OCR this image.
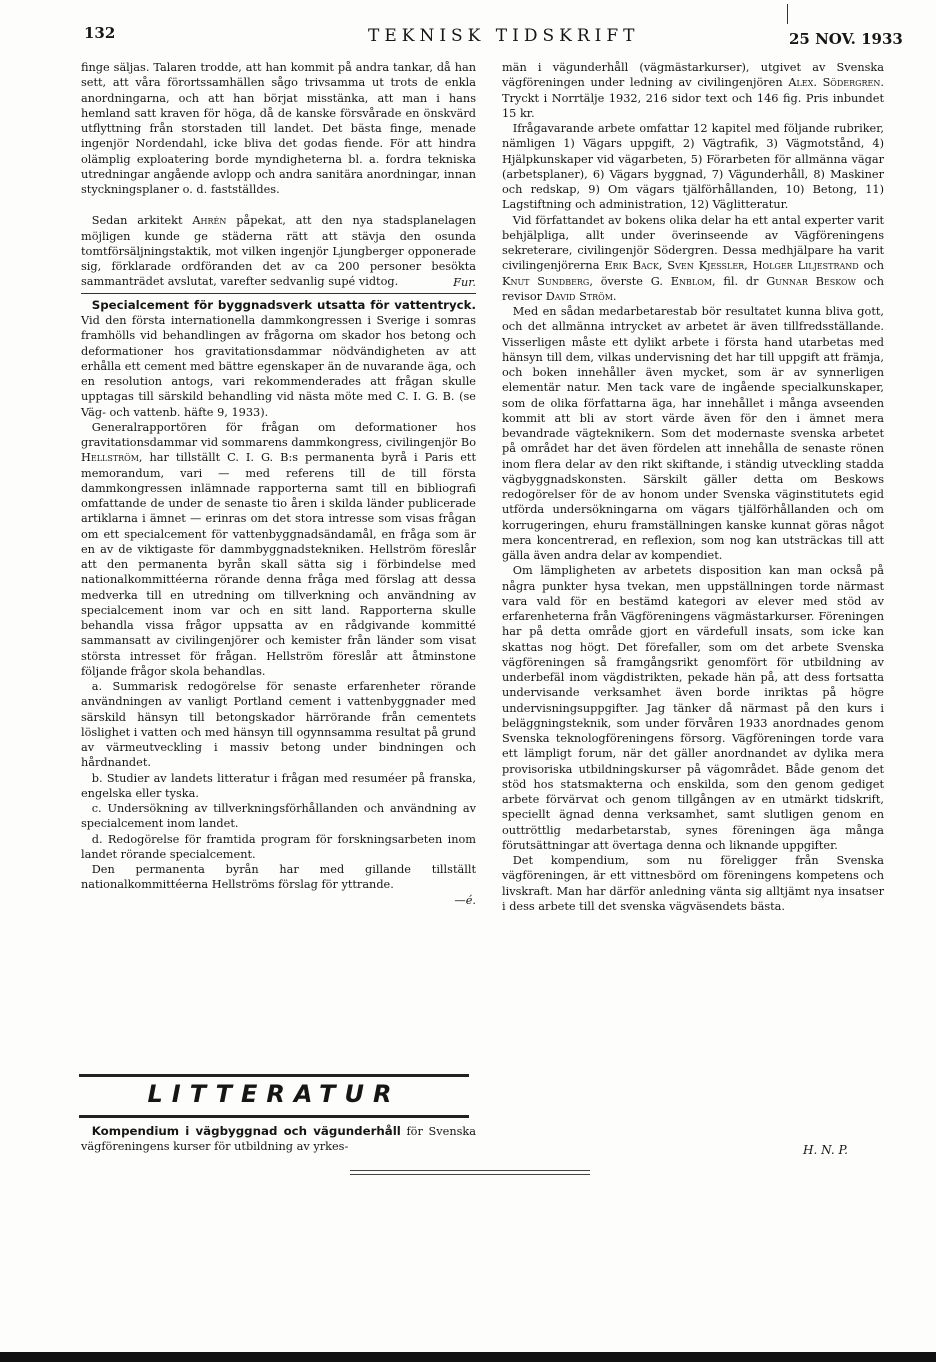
132	TEKNISK TIDSKRIFT	25 NOV. 1933

finge säljas. Talaren trodde, att han kommit på andra tankar, då han sett, att våra förortssamhällen sågo trivsamma ut trots de enkla anordningarna, och att han börjat misstänka, att man i hans hemland satt kraven för höga, då de kanske försvårade en önskvärd utflyttning från storstaden till landet. Det bästa finge, menade ingenjör Nordendahl, icke bliva det godas fiende. För att hindra olämplig exploatering borde myndigheterna bl. a. fordra tekniska utredningar angående avlopp och andra sanitära anordningar, innan styckningsplaner o. d. fastställdes.

Sedan arkitekt Ahrén påpekat, att den nya stadsplanelagen möjligen kunde ge städerna rätt att stävja den osunda tomtförsäljningstaktik, mot vilken ingenjör Ljungberger opponerade sig, förklarade ordföranden det av ca 200 personer besökta sammanträdet avslutat, varefter sedvanlig supé vidtog.	Fur.

Specialcement för byggnadsverk utsatta för vattentryck. Vid den första internationella dammkongressen i Sverige i somras framhölls vid behandlingen av frågorna om skador hos betong och deformationer hos gravitationsdammar nödvändigheten av att erhålla ett cement med bättre egenskaper än de nuvarande äga, och en resolution antogs, vari rekommenderades att frågan skulle upptagas till särskild behandling vid nästa möte med C. I. G. B. (se Väg- och vattenb. häfte 9, 1933).

Generalrapportören för frågan om deformationer hos gravitationsdammar vid sommarens dammkongress, civilingenjör Bo Hellström, har tillställt C. I. G. B:s permanenta byrå i Paris ett memorandum, vari — med referens till de till första dammkongressen inlämnade rapporterna samt till en bibliografi omfattande de under de senaste tio åren i skilda länder publicerade artiklarna i ämnet — erinras om det stora intresse som visas frågan om ett specialcement för vattenbyggnadsändamål, en fråga som är en av de viktigaste för dammbyggnadstekniken. Hellström föreslår att den permanenta byrån skall sätta sig i förbindelse med nationalkommittéerna rörande denna fråga med förslag att dessa medverka till en utredning om tillverkning och användning av specialcement inom var och en sitt land. Rapporterna skulle behandla vissa frågor uppsatta av en rådgivande kommitté sammansatt av civilingenjörer och kemister från länder som visat största intresset för frågan. Hellström föreslår att åtminstone följande frågor skola behandlas.

a. Summarisk redogörelse för senaste erfarenheter rörande användningen av vanligt Portland cement i vattenbyggnader med särskild hänsyn till betongskador härrörande från cementets löslighet i vatten och med hänsyn till ogynnsamma resultat på grund av värmeutveckling i massiv betong under bindningen och hårdnandet.

b. Studier av landets litteratur i frågan med resuméer på franska, engelska eller tyska.

c. Undersökning av tillverkningsförhållanden och användning av specialcement inom landet.

d. Redogörelse för framtida program för forskningsarbeten inom landet rörande specialcement.

Den permanenta byrån har med gillande tillställt nationalkommittéerna Hellströms förslag för yttrande.

—é.
LITTERATUR
Kompendium i vägbyggnad och vägunderhåll för Svenska vägföreningens kurser för utbildning av yrkes-

män i vägunderhåll (vägmästarkurser), utgivet av Svenska vägföreningen under ledning av civilingenjören Alex. Södergren. Tryckt i Norrtälje 1932, 216 sidor text och 146 fig. Pris inbundet 15 kr.

Ifrågavarande arbete omfattar 12 kapitel med följande rubriker, nämligen 1) Vägars uppgift, 2) Vägtrafik, 3) Vägmotstånd, 4) Hjälpkunskaper vid vägarbeten, 5) Förarbeten för allmänna vägar (arbetsplaner), 6) Vägars byggnad, 7) Vägunderhåll, 8) Maskiner och redskap, 9) Om vägars tjälförhållanden, 10) Betong, 11) Lagstiftning och administration, 12) Väglitteratur.

Vid författandet av bokens olika delar ha ett antal experter varit behjälpliga, allt under överinseende av Vägföreningens sekreterare, civilingenjör Södergren. Dessa medhjälpare ha varit civilingenjörerna Erik Back, Sven Kjessler, Holger Liljestrand och Knut Sundberg, överste G. Enblom, fil. dr Gunnar Beskow och revisor David Ström.

Med en sådan medarbetarestab bör resultatet kunna bliva gott, och det allmänna intrycket av arbetet är även tillfredsställande. Visserligen måste ett dylikt arbete i första hand utarbetas med hänsyn till dem, vilkas undervisning det har till uppgift att främja, och boken innehåller även mycket, som är av synnerligen elementär natur. Men tack vare de ingående specialkunskaper, som de olika författarna äga, har innehållet i många avseenden kommit att bli av stort värde även för den i ämnet mera bevandrade vägteknikern. Som det modernaste svenska arbetet på området har det även fördelen att innehålla de senaste rönen inom flera delar av den rikt skiftande, i ständig utveckling stadda vägbyggnadskonsten. Särskilt gäller detta om Beskows redogörelser för de av honom under Svenska väginstitutets egid utförda undersökningarna om vägars tjälförhållanden och om korrugeringen, ehuru framställningen kanske kunnat göras något mera koncentrerad, en reflexion, som nog kan utsträckas till att gälla även andra delar av kompendiet.

Om lämpligheten av arbetets disposition kan man också på några punkter hysa tvekan, men uppställningen torde närmast vara vald för en bestämd kategori av elever med stöd av erfarenheterna från Vägföreningens vägmästarkurser. Föreningen har på detta område gjort en värdefull insats, som icke kan skattas nog högt. Det förefaller, som om det arbete Svenska vägföreningen så framgångsrikt genomfört för utbildning av underbefäl inom vägdistrikten, pekade hän på, att dess fortsatta undervisande verksamhet även borde inriktas på högre undervisningsuppgifter. Jag tänker då närmast på den kurs i beläggningsteknik, som under förvåren 1933 anordnades genom Svenska teknologföreningens försorg. Vägföreningen torde vara ett lämpligt forum, när det gäller anordnandet av dylika mera provisoriska utbildningskurser på vägområdet. Både genom det stöd hos statsmakterna och enskilda, som den genom gediget arbete förvärvat och genom tillgången av en utmärkt tidskrift, speciellt ägnad denna verksamhet, samt slutligen genom en outtröttlig medarbetarstab, synes föreningen äga många förutsättningar att övertaga denna och liknande uppgifter.

Det kompendium, som nu föreligger från Svenska vägföreningen, är ett vittnesbörd om föreningens kompetens och livskraft. Man har därför anledning vänta sig alltjämt nya insatser i dess arbete till det svenska vägväsendets bästa.

H. N. P.
